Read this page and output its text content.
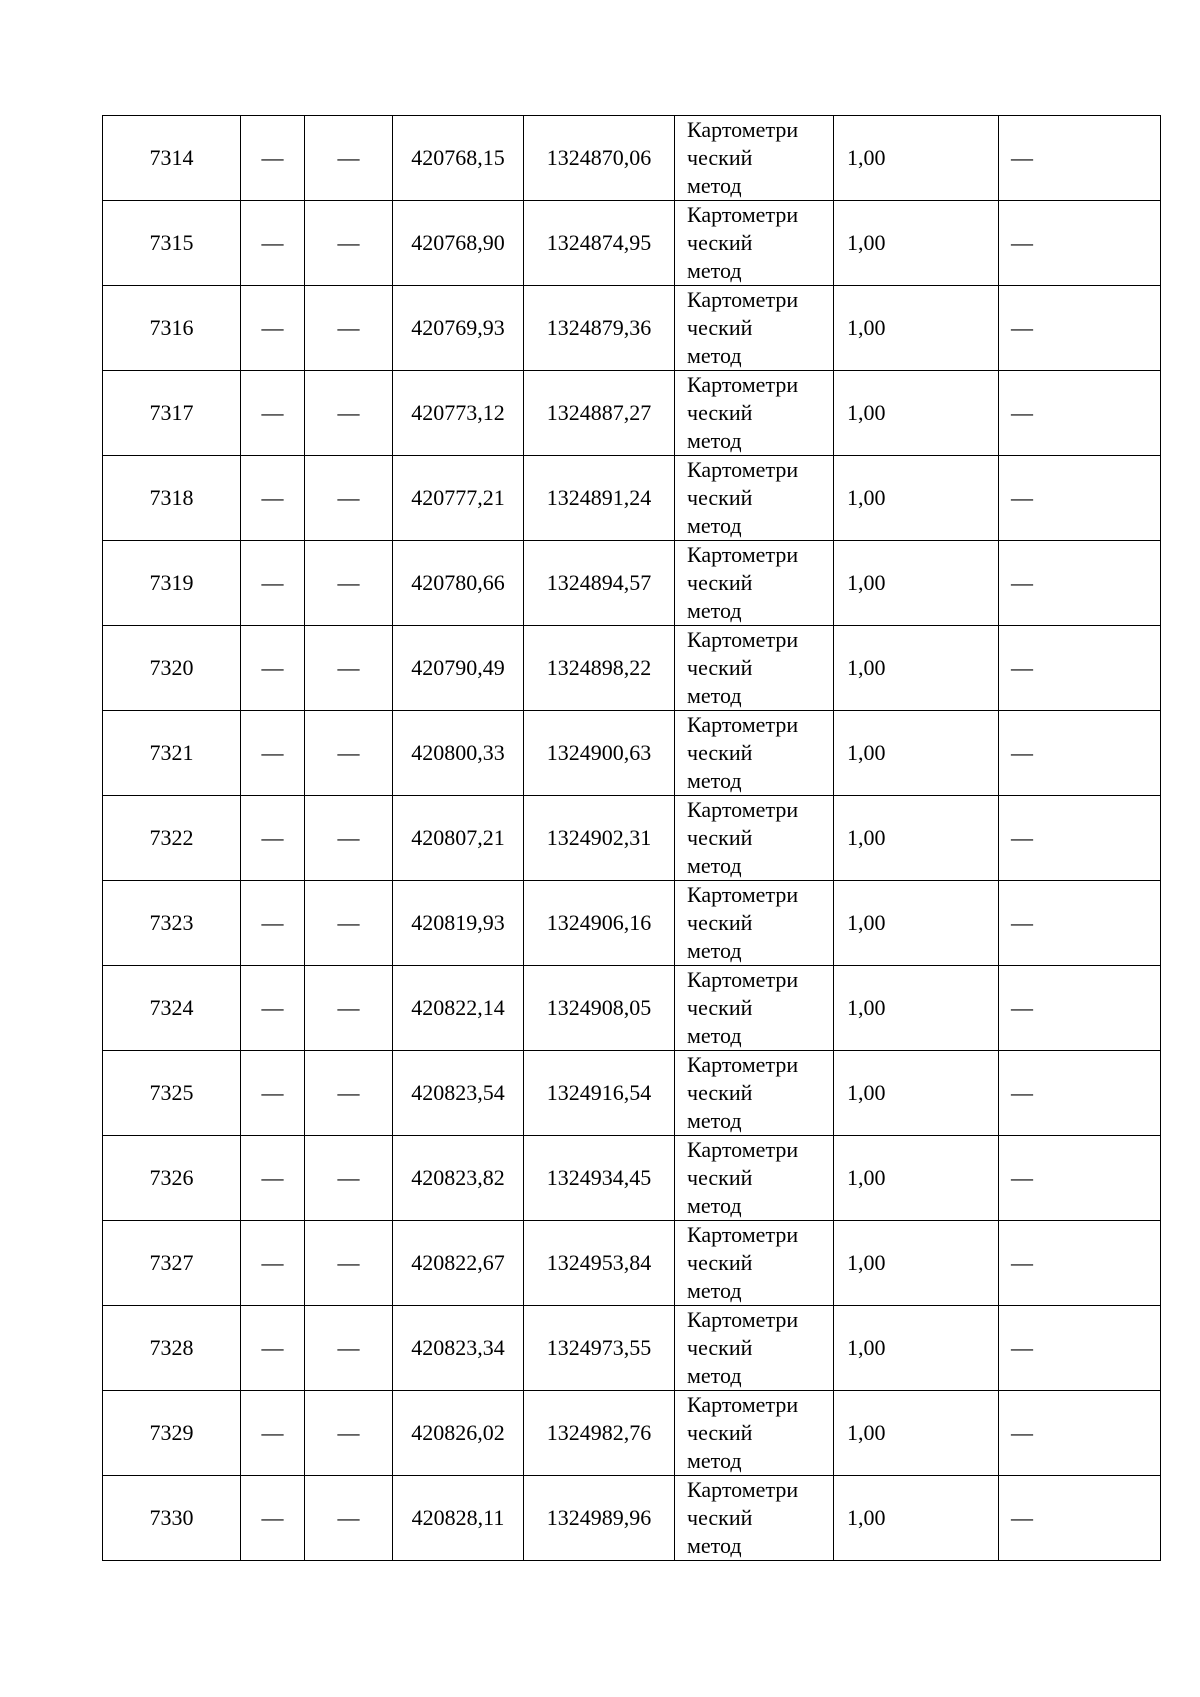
7314	—	—	420768,15	1324870,06	Картометри
ческий
метод	1,00	—
7315	—	—	420768,90	1324874,95	Картометри
ческий
метод	1,00	—
7316	—	—	420769,93	1324879,36	Картометри
ческий
метод	1,00	—
7317	—	—	420773,12	1324887,27	Картометри
ческий
метод	1,00	—
7318	—	—	420777,21	1324891,24	Картометри
ческий
метод	1,00	—
7319	—	—	420780,66	1324894,57	Картометри
ческий
метод	1,00	—
7320	—	—	420790,49	1324898,22	Картометри
ческий
метод	1,00	—
7321	—	—	420800,33	1324900,63	Картометри
ческий
метод	1,00	—
7322	—	—	420807,21	1324902,31	Картометри
ческий
метод	1,00	—
7323	—	—	420819,93	1324906,16	Картометри
ческий
метод	1,00	—
7324	—	—	420822,14	1324908,05	Картометри
ческий
метод	1,00	—
7325	—	—	420823,54	1324916,54	Картометри
ческий
метод	1,00	—
7326	—	—	420823,82	1324934,45	Картометри
ческий
метод	1,00	—
7327	—	—	420822,67	1324953,84	Картометри
ческий
метод	1,00	—
7328	—	—	420823,34	1324973,55	Картометри
ческий
метод	1,00	—
7329	—	—	420826,02	1324982,76	Картометри
ческий
метод	1,00	—
7330	—	—	420828,11	1324989,96	Картометри
ческий
метод	1,00	—
